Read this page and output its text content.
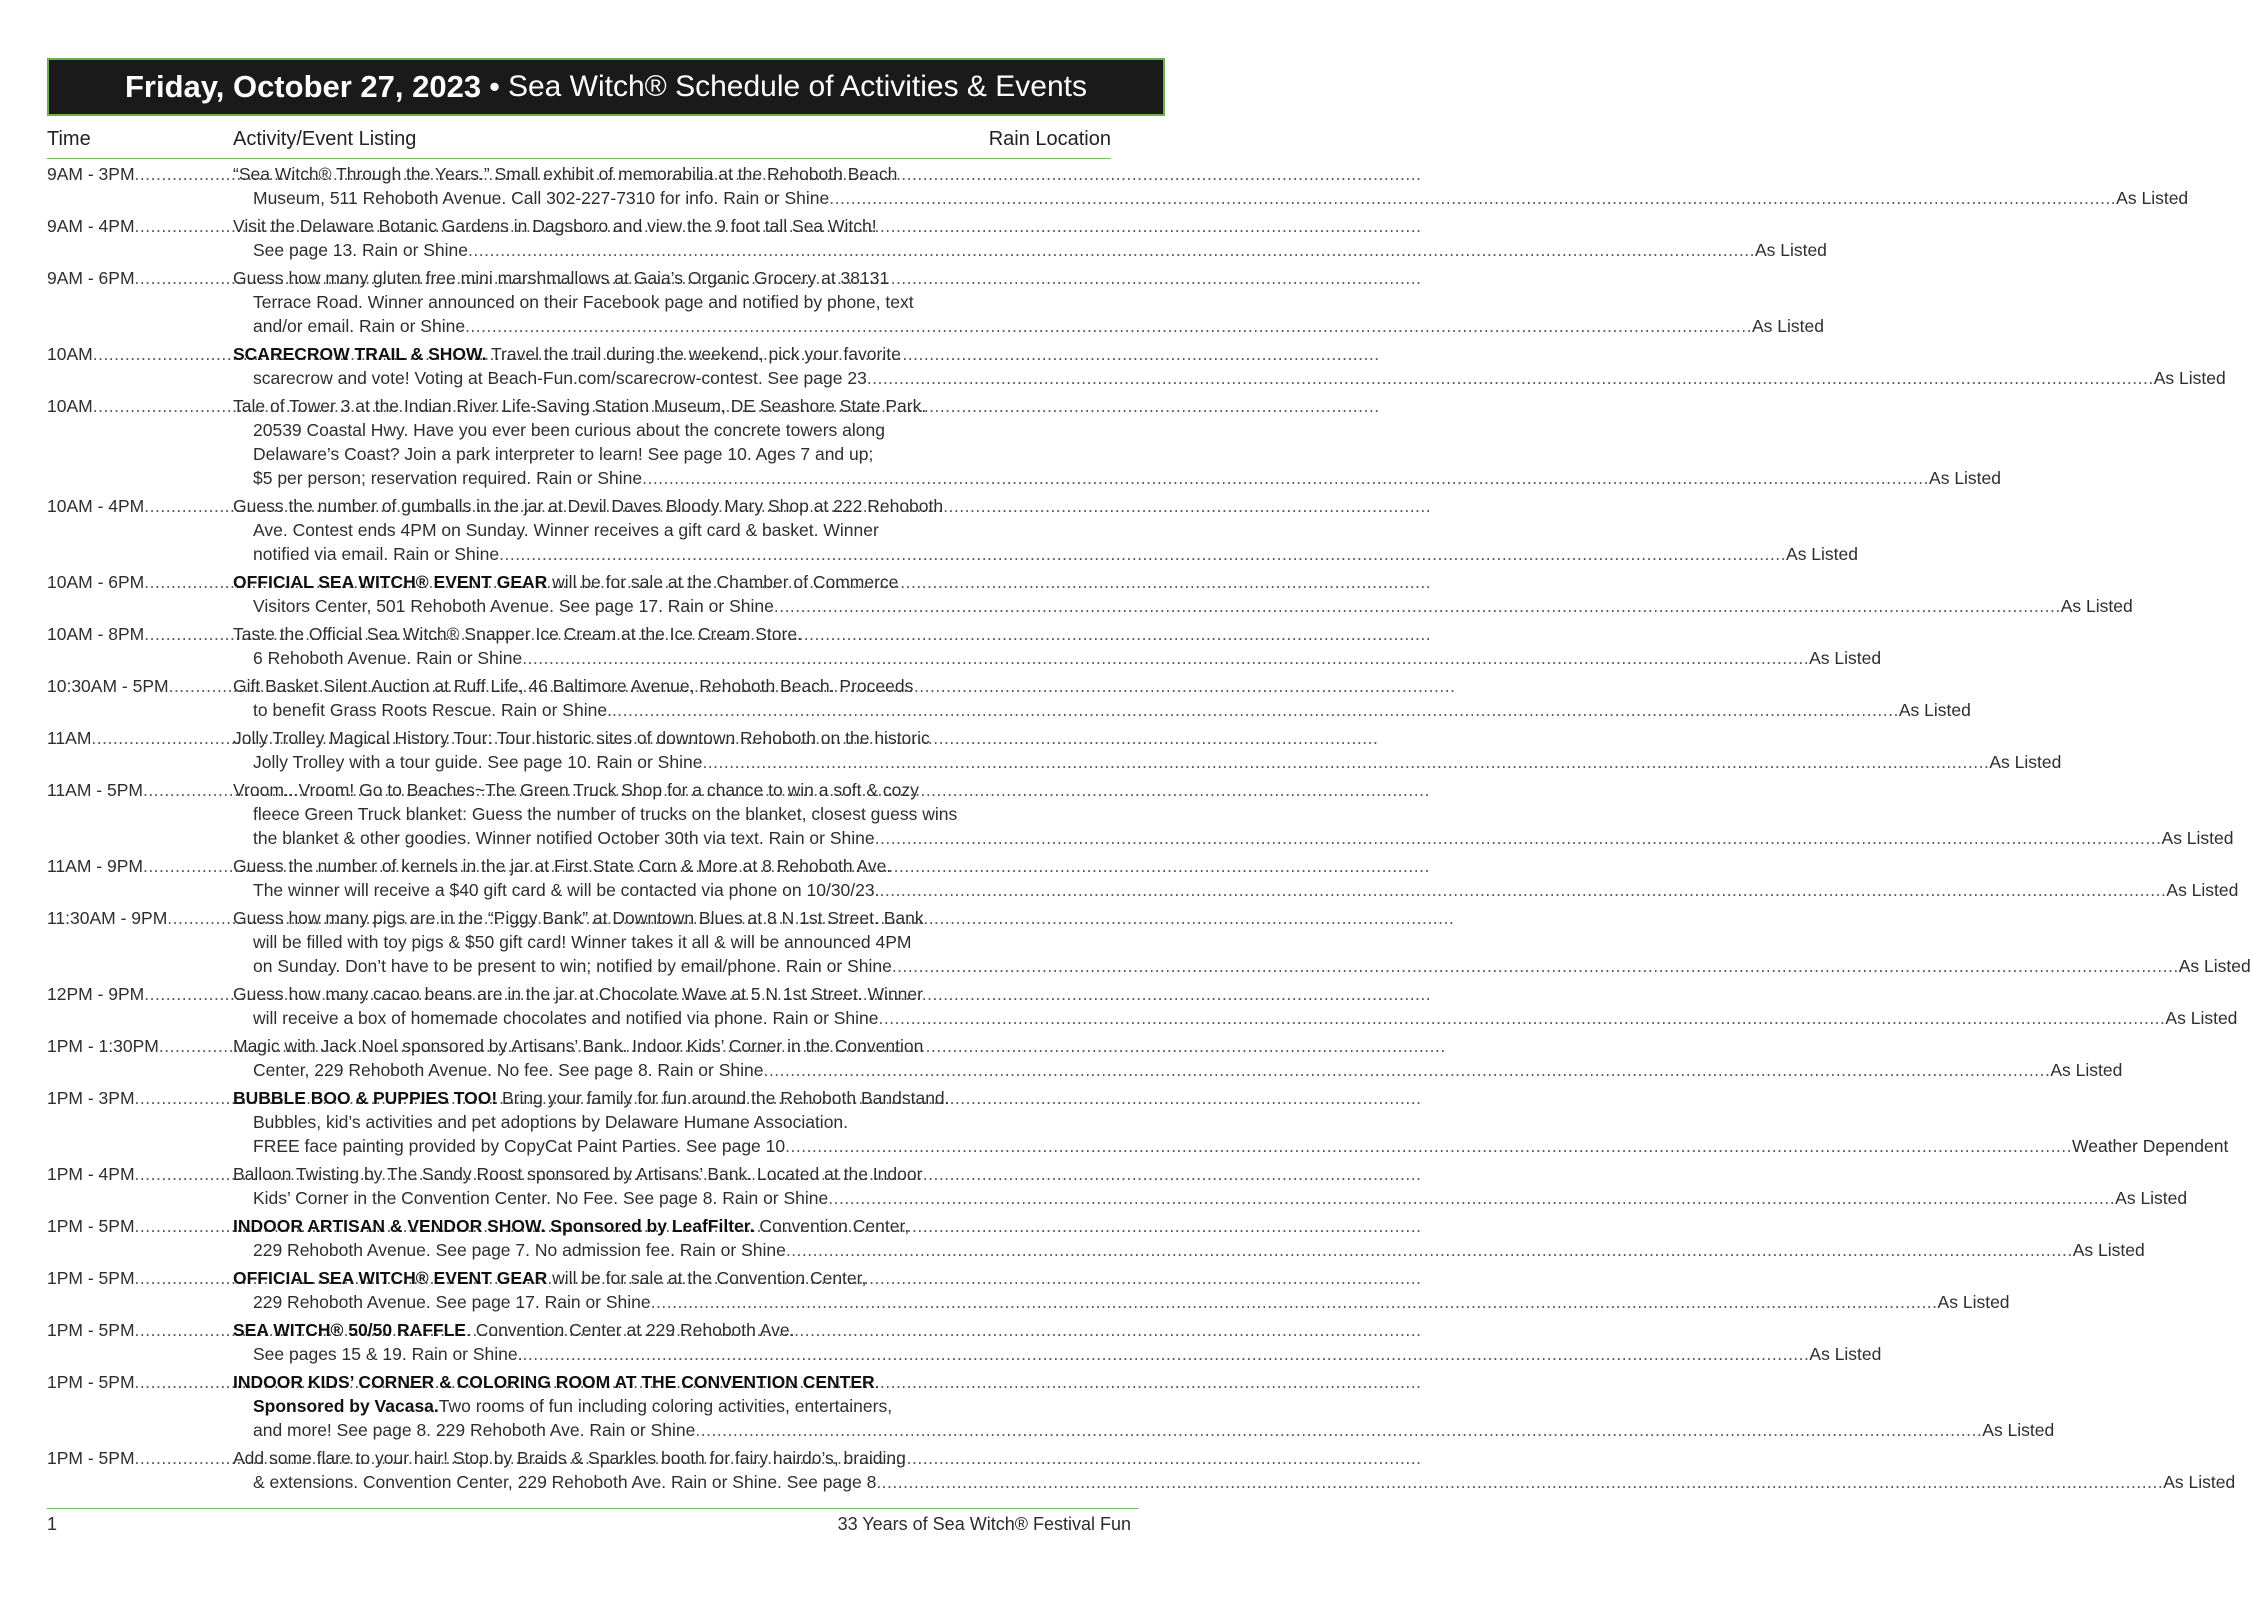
Friday, October 27, 2023 • Sea Witch® Schedule of Activities & Events
Time	Activity/Event Listing	Rain Location
9AM - 3PM .....	“Sea Witch® Through the Years.” Small exhibit of memorabilia at the Rehoboth Beach
Museum, 511 Rehoboth Avenue. Call 302-227-7310 for info. Rain or Shine .....	As Listed
9AM - 4PM .....	Visit the Delaware Botanic Gardens in Dagsboro and view the 9 foot tall Sea Witch!
See page 13. Rain or Shine .....	As Listed
9AM - 6PM .....	Guess how many gluten free mini marshmallows at Gaia’s Organic Grocery at 38131
Terrace Road. Winner announced on their Facebook page and notified by phone, text
and/or email. Rain or Shine .....	As Listed
10AM .....	SCARECROW TRAIL & SHOW. Travel the trail during the weekend, pick your favorite
scarecrow and vote! Voting at Beach-Fun.com/scarecrow-contest. See page 23 .....	As Listed
10AM .....	Tale of Tower 3 at the Indian River Life-Saving Station Museum, DE Seashore State Park.
20539 Coastal Hwy. Have you ever been curious about the concrete towers along
Delaware’s Coast? Join a park interpreter to learn! See page 10. Ages 7 and up;
$5 per person; reservation required. Rain or Shine .....	As Listed
10AM - 4PM .....	Guess the number of gumballs in the jar at Devil Daves Bloody Mary Shop at 222 Rehoboth
Ave. Contest ends 4PM on Sunday. Winner receives a gift card & basket. Winner
notified via email. Rain or Shine .....	As Listed
10AM - 6PM .....	OFFICIAL SEA WITCH® EVENT GEAR will be for sale at the Chamber of Commerce
Visitors Center, 501 Rehoboth Avenue. See page 17. Rain or Shine .....	As Listed
10AM - 8PM .....	Taste the Official Sea Witch® Snapper Ice Cream at the Ice Cream Store.
6 Rehoboth Avenue. Rain or Shine .....	As Listed
10:30AM - 5PM .....	Gift Basket Silent Auction at Ruff Life, 46 Baltimore Avenue, Rehoboth Beach. Proceeds
to benefit Grass Roots Rescue. Rain or Shine. .....	As Listed
11AM .....	Jolly Trolley Magical History Tour: Tour historic sites of downtown Rehoboth on the historic
Jolly Trolley with a tour guide. See page 10. Rain or Shine .....	As Listed
11AM - 5PM .....	Vroom...Vroom! Go to Beaches~The Green Truck Shop for a chance to win a soft & cozy
fleece Green Truck blanket: Guess the number of trucks on the blanket, closest guess wins
the blanket & other goodies. Winner notified October 30th via text. Rain or Shine .....	As Listed
11AM - 9PM .....	Guess the number of kernels in the jar at First State Corn & More at 8 Rehoboth Ave.
The winner will receive a $40 gift card & will be contacted via phone on 10/30/23. .....	As Listed
11:30AM - 9PM .....	Guess how many pigs are in the “Piggy Bank” at Downtown Blues at 8 N 1st Street. Bank
will be filled with toy pigs & $50 gift card! Winner takes it all & will be announced 4PM
on Sunday. Don’t have to be present to win; notified by email/phone. Rain or Shine .....	As Listed
12PM - 9PM .....	Guess how many cacao beans are in the jar at Chocolate Wave at 5 N 1st Street. Winner
will receive a box of homemade chocolates and notified via phone. Rain or Shine .....	As Listed
1PM - 1:30PM .....	Magic with Jack Noel sponsored by Artisans’ Bank. Indoor Kids’ Corner in the Convention
Center, 229 Rehoboth Avenue. No fee. See page 8. Rain or Shine .....	As Listed
1PM - 3PM .....	BUBBLE BOO & PUPPIES TOO! Bring your family for fun around the Rehoboth Bandstand.
Bubbles, kid’s activities and pet adoptions by Delaware Humane Association.
FREE face painting provided by CopyCat Paint Parties. See page 10 .....	Weather Dependent
1PM - 4PM .....	Balloon Twisting by The Sandy Roost sponsored by Artisans’ Bank. Located at the Indoor
Kids’ Corner in the Convention Center. No Fee. See page 8. Rain or Shine .....	As Listed
1PM - 5PM .....	INDOOR ARTISAN & VENDOR SHOW. Sponsored by LeafFilter. Convention Center,
229 Rehoboth Avenue. See page 7. No admission fee. Rain or Shine .....	As Listed
1PM - 5PM .....	OFFICIAL SEA WITCH® EVENT GEAR will be for sale at the Convention Center,
229 Rehoboth Avenue. See page 17. Rain or Shine .....	As Listed
1PM - 5PM .....	SEA WITCH® 50/50 RAFFLE. Convention Center at 229 Rehoboth Ave.
See pages 15 & 19. Rain or Shine. .....	As Listed
1PM - 5PM .....	INDOOR KIDS’ CORNER & COLORING ROOM AT THE CONVENTION CENTER.
Sponsored by Vacasa. Two rooms of fun including coloring activities, entertainers,
and more! See page 8. 229 Rehoboth Ave. Rain or Shine .....	As Listed
1PM - 5PM .....	Add some flare to your hair! Stop by Braids & Sparkles booth for fairy hairdo’s, braiding
& extensions. Convention Center, 229 Rehoboth Ave. Rain or Shine. See page 8 .....	As Listed
1	33 Years of Sea Witch® Festival Fun
